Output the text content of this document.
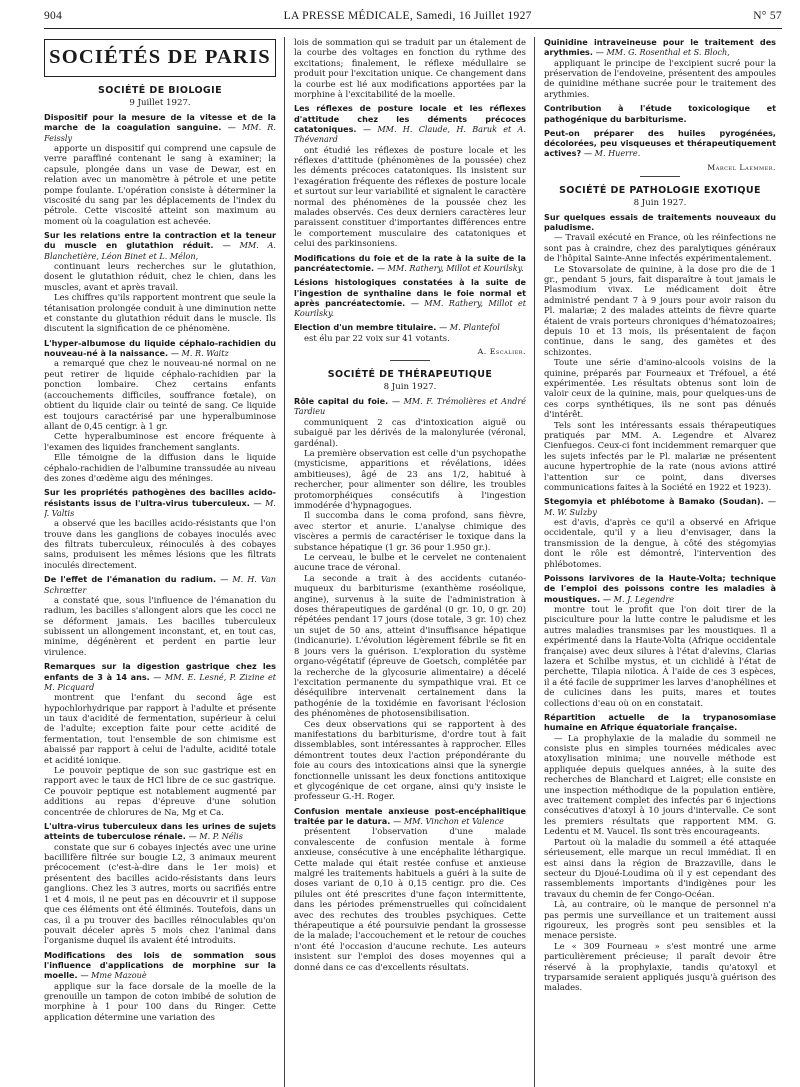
904	LA PRESSE MÉDICALE, Samedi, 16 Juillet 1927	N° 57
SOCIÉTÉS DE PARIS
SOCIÉTÉ DE BIOLOGIE
9 Juillet 1927.

Dispositif pour la mesure de la vitesse et de la marche de la coagulation sanguine. — MM. R. Feissly

apporte un dispositif qui comprend une capsule de verre paraffiné contenant le sang à examiner; la capsule, plongée dans un vase de Dewar, est en relation avec un manomètre à pétrole et une petite pompe foulante. L'opération consiste à déterminer la viscosité du sang par les déplacements de l'index du pétrole. Cette viscosité atteint son maximum au moment où la coagulation est achevée.

Sur les relations entre la contraction et la teneur du muscle en glutathion réduit. — MM. A. Blanchetière, Léon Binet et L. Mélon,

continuant leurs recherches sur le glutathion, dosent le glutathion réduit, chez le chien, dans les muscles, avant et après travail.

Les chiffres qu'ils rapportent montrent que seule la tétanisation prolongée conduit à une diminution nette et constante du glutathion réduit dans le muscle. Ils discutent la signification de ce phénomène.

L'hyper-albumose du liquide céphalo-rachidien du nouveau-né à la naissance. — M. R. Waitz

a remarqué que chez le nouveau-né normal on ne peut retirer de liquide céphalo-rachidien par la ponction lombaire. Chez certains enfants (accouchements difficiles, souffrance fœtale), on obtient du liquide clair ou teinté de sang. Ce liquide est toujours caractérisé par une hyperalbuminose allant de 0,45 centigr. à 1 gr.

Cette hyperalbuminose est encore fréquente à l'examen des liquides franchement sanglants.

Elle témoigne de la diffusion dans le liquide céphalo-rachidien de l'albumine transsudée au niveau des zones d'œdème aigu des méninges.

Sur les propriétés pathogènes des bacilles acido-résistants issus de l'ultra-virus tuberculeux. — M. J. Valtis

a observé que les bacilles acido-résistants que l'on trouve dans les ganglions de cobayes inoculés avec des filtrats tuberculeux, réinoculés à des cobayes sains, produisent les mêmes lésions que les filtrats inoculés directement.

De l'effet de l'émanation du radium. — M. H. Van Schrœtter

a constaté que, sous l'influence de l'émanation du radium, les bacilles s'allongent alors que les cocci ne se déforment jamais. Les bacilles tuberculeux subissent un allongement inconstant, et, en tout cas, minime, dégénèrent et perdent en partie leur virulence.

Remarques sur la digestion gastrique chez les enfants de 3 à 14 ans. — MM. E. Lesné, P. Zizine et M. Picquard

montrent que l'enfant du second âge est hypochlorhydrique par rapport à l'adulte et présente un taux d'acidité de fermentation, supérieur à celui de l'adulte; exception faite pour cette acidité de fermentation, tout l'ensemble de son chimisme est abaissé par rapport à celui de l'adulte, acidité totale et acidité ionique.

Le pouvoir peptique de son suc gastrique est en rapport avec le taux de HCl libre de ce suc gastrique. Ce pouvoir peptique est notablement augmenté par additions au repas d'épreuve d'une solution concentrée de chlorures de Na, Mg et Ca.

L'ultra-virus tuberculeux dans les urines de sujets atteints de tuberculose rénale. — M. P. Nélis

constate que sur 6 cobayes injectés avec une urine bacillifère filtrée sur bougie L2, 3 animaux meurent précocement (c'est-à-dire dans le 1er mois) et présentent des bacilles acido-résistants dans leurs ganglions. Chez les 3 autres, morts ou sacrifiés entre 1 et 4 mois, il ne peut pas en découvrir et il suppose que ces éléments ont été éliminés. Toutefois, dans un cas, il a pu trouver des bacilles réinoculables qu'on pouvait déceler après 5 mois chez l'animal dans l'organisme duquel ils avaient été introduits.

Modifications des lois de sommation sous l'influence d'applications de morphine sur la moelle. — Mme Mazouè

applique sur la face dorsale de la moelle de la grenouille un tampon de coton imbibé de solution de morphine à 1 pour 100 dans du Ringer. Cette application détermine une variation des

lois de sommation qui se traduit par un étalement de la courbe des voltages en fonction du rythme des excitations; finalement, le réflexe médullaire se produit pour l'excitation unique. Ce changement dans la courbe est lié aux modifications apportées par la morphine à l'excitabilité de la moelle.

Les réflexes de posture locale et les réflexes d'attitude chez les déments précoces catatoniques. — MM. H. Claude, H. Baruk et A. Thévenard

ont étudié les réflexes de posture locale et les réflexes d'attitude (phénomènes de la poussée) chez les déments précoces catatoniques. Ils insistent sur l'exagération fréquente des réflexes de posture locale et surtout sur leur variabilité et signalent le caractère normal des phénomènes de la poussée chez les malades observés. Ces deux derniers caractères leur paraissent constituer d'importantes différences entre le comportement musculaire des catatoniques et celui des parkinsoniens.

Modifications du foie et de la rate à la suite de la pancréatectomie. — MM. Rathery, Millot et Kourilsky.

Lésions histologiques constatées à la suite de l'ingestion de synthaline dans le foie normal et après pancréatectomie. — MM. Rathery, Millot et Kourilsky.

Election d'un membre titulaire. — M. Plantefol

est élu par 22 voix sur 41 votants.

A. Escalier.
SOCIÉTÉ DE THÉRAPEUTIQUE
8 Juin 1927.

Rôle capital du foie. — MM. F. Trémolières et André Tardieu

communiquent 2 cas d'intoxication aiguë ou subaiguë par les dérivés de la malonylurée (véronal, gardénal).

La première observation est celle d'un psychopathe (mysticisme, apparitions et révélations, idées ambitieuses), âgé de 23 ans 1/2, habitué à rechercher, pour alimenter son délire, les troubles protomorphéiques consécutifs à l'ingestion immodérée d'hypnagogues.

Il succomba dans le coma profond, sans fièvre, avec stertor et anurie. L'analyse chimique des viscères a permis de caractériser le toxique dans la substance hépatique (1 gr. 36 pour 1.950 gr.).

Le cerveau, le bulbe et le cervelet ne contenaient aucune trace de véronal.

La seconde a trait à des accidents cutanéo-muqueux du barbiturisme (exanthème roséolique, angine), survenus à la suite de l'administration à doses thérapeutiques de gardénal (0 gr. 10, 0 gr. 20) répétées pendant 17 jours (dose totale, 3 gr. 10) chez un sujet de 50 ans, atteint d'insuffisance hépatique (indicanurie). L'évolution légèrement fébrile se fit en 8 jours vers la guérison. L'exploration du système organo-végétatif (épreuve de Goetsch, complétée par la recherche de la glycosurie alimentaire) a décelé l'excitation permanente du sympathique vrai. Et ce déséquilibre intervenait certainement dans la pathogénie de la toxidémie en favorisant l'éclosion des phénomènes de photosensibilisation.

Ces deux observations qui se rapportent à des manifestations du barbiturisme, d'ordre tout à fait dissemblables, sont intéressantes à rapprocher. Elles démontrent toutes deux l'action prépondérante du foie au cours des intoxications ainsi que la synergie fonctionnelle unissant les deux fonctions antitoxique et glycogénique de cet organe, ainsi qu'y insiste le professeur G.-H. Roger.

Confusion mentale anxieuse post-encéphalitique traitée par le datura. — MM. Vinchon et Valence

présentent l'observation d'une malade convalescente de confusion mentale à forme anxieuse, consécutive à une encéphalite léthargique. Cette malade qui était restée confuse et anxieuse malgré les traitements habituels a guéri à la suite de doses variant de 0,10 à 0,15 centigr. pro die. Ces pilules ont été prescrites d'une façon intermittente, dans les périodes prémenstruelles qui coïncidaient avec des rechutes des troubles psychiques. Cette thérapeutique a été poursuivie pendant la grossesse de la malade; l'accouchement et le retour de couches n'ont été l'occasion d'aucune rechute. Les auteurs insistent sur l'emploi des doses moyennes qui a donné dans ce cas d'excellents résultats.

Quinidine intraveineuse pour le traitement des arythmies. — MM. G. Rosenthal et S. Bloch,

appliquant le principe de l'excipient sucré pour la préservation de l'endoveine, présentent des ampoules de quinidine méthane sucrée pour le traitement des arythmies.

Contribution à l'étude toxicologique et pathogénique du barbiturisme.

Peut-on préparer des huiles pyrogénées, décolorées, peu visqueuses et thérapeutiquement actives? — M. Huerre.

Marcel Laemmer.
SOCIÉTÉ DE PATHOLOGIE EXOTIQUE
8 Juin 1927.

Sur quelques essais de traitements nouveaux du paludisme.

— Travail exécuté en France, où les réinfections ne sont pas à craindre, chez des paralytiques généraux de l'hôpital Sainte-Anne infectés expérimentalement.

Le Stovarsolate de quinine, à la dose pro die de 1 gr., pendant 5 jours, fait disparaître à tout jamais le Plasmodium vivax. Le médicament doit être administré pendant 7 à 9 jours pour avoir raison du Pl. malariæ; 2 des malades atteints de fièvre quarte étaient de vrais porteurs chroniques d'hématozoaires; depuis 10 et 13 mois, ils présentaient de façon continue, dans le sang, des gamètes et des schizontes.

Toute une série d'amino-alcools voisins de la quinine, préparés par Fourneaux et Tréfouel, a été expérimentée. Les résultats obtenus sont loin de valoir ceux de la quinine, mais, pour quelques-uns de ces corps synthétiques, ils ne sont pas dénués d'intérêt.

Tels sont les intéressants essais thérapeutiques pratiqués par MM. A. Legendre et Alvarez Cienfuegos. Ceux-ci font incidemment remarquer que les sujets infectés par le Pl. malariæ ne présentent aucune hypertrophie de la rate (nous avions attiré l'attention sur ce point, dans diverses communications faites à la Société en 1922 et 1923).

Stegomyia et phlébotome à Bamako (Soudan). — M. W. Sulzby

est d'avis, d'après ce qu'il a observé en Afrique occidentale, qu'il y a lieu d'envisager, dans la transmission de la dengue, à côté des stégomyias dont le rôle est démontré, l'intervention des phlébotomes.

Poissons larvivores de la Haute-Volta; technique de l'emploi des poissons contre les maladies à moustiques. — M. J. Legendre

montre tout le profit que l'on doit tirer de la pisciculture pour la lutte contre le paludisme et les autres maladies transmises par les moustiques. Il a expérimenté dans la Haute-Volta (Afrique occidentale française) avec deux silures à l'état d'alevins, Clarias lazera et Schilbe mystus, et un cichlidé à l'état de perchette, Tilapia nilotica. À l'aide de ces 3 espèces, il a été facile de supprimer les larves d'anophélines et de culicines dans les puits, mares et toutes collections d'eau où on en constatait.

Répartition actuelle de la trypanosomiase humaine en Afrique équatoriale française.

— La prophylaxie de la maladie du sommeil ne consiste plus en simples tournées médicales avec atoxylisation minima; une nouvelle méthode est appliquée depuis quelques années, à la suite des recherches de Blanchard et Laigret; elle consiste en une inspection méthodique de la population entière, avec traitement complet des infectés par 6 injections consécutives d'atoxyl à 10 jours d'intervalle. Ce sont les premiers résultats que rapportent MM. G. Ledentu et M. Vaucel. Ils sont très encourageants.

Partout où la maladie du sommeil a été attaquée sérieusement, elle marque un recul immédiat. Il en est ainsi dans la région de Brazzaville, dans le secteur du Djoué-Loudima où il y est cependant des rassemblements importants d'indigènes pour les travaux du chemin de fer Congo-Océan.

Là, au contraire, où le manque de personnel n'a pas permis une surveillance et un traitement aussi rigoureux, les progrès sont peu sensibles et la menace persiste.

Le « 309 Fourneau » s'est montré une arme particulièrement précieuse; il paraît devoir être réservé à la prophylaxie, tandis qu'atoxyl et tryparsamide seraient appliqués jusqu'à guérison des malades.
